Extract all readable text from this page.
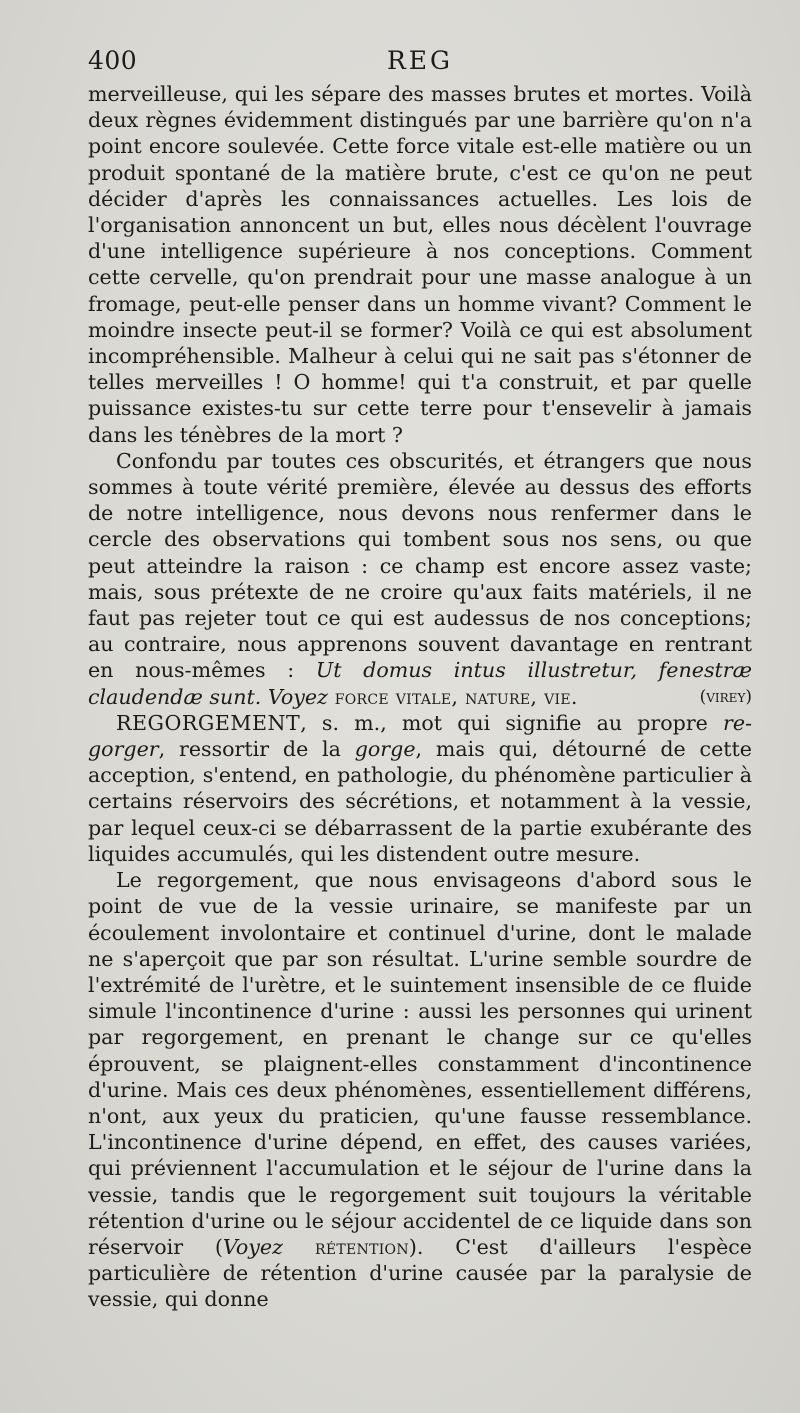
400	REG

merveilleuse, qui les sépare des masses brutes et mortes. Voilà deux règnes évidemment distingués par une barrière qu'on n'a point encore soulevée. Cette force vitale est-elle matière ou un produit spontané de la matière brute, c'est ce qu'on ne peut décider d'après les connaissances actuelles. Les lois de l'organisation annoncent un but, elles nous décèlent l'ouvrage d'une intelligence supérieure à nos conceptions. Comment cette cervelle, qu'on prendrait pour une masse analogue à un fromage, peut-elle penser dans un homme vivant? Comment le moindre insecte peut-il se former? Voilà ce qui est absolument incompréhensible. Malheur à celui qui ne sait pas s'étonner de telles merveilles ! O homme! qui t'a construit, et par quelle puissance existes-tu sur cette terre pour t'ensevelir à jamais dans les ténèbres de la mort ?

Confondu par toutes ces obscurités, et étrangers que nous sommes à toute vérité première, élevée au dessus des efforts de notre intelligence, nous devons nous renfermer dans le cercle des observations qui tombent sous nos sens, ou que peut atteindre la raison : ce champ est encore assez vaste; mais, sous prétexte de ne croire qu'aux faits matériels, il ne faut pas rejeter tout ce qui est audessus de nos conceptions; au contraire, nous apprenons souvent davantage en rentrant en nous-mêmes : Ut domus intus illustretur, fenestræ claudendæ sunt. Voyez force vitale, nature, vie.	(virey)

REGORGEMENT, s. m., mot qui signifie au propre regorger, ressortir de la gorge, mais qui, détourné de cette acception, s'entend, en pathologie, du phénomène particulier à certains réservoirs des sécrétions, et notamment à la vessie, par lequel ceux-ci se débarrassent de la partie exubérante des liquides accumulés, qui les distendent outre mesure.

Le regorgement, que nous envisageons d'abord sous le point de vue de la vessie urinaire, se manifeste par un écoulement involontaire et continuel d'urine, dont le malade ne s'aperçoit que par son résultat. L'urine semble sourdre de l'extrémité de l'urètre, et le suintement insensible de ce fluide simule l'incontinence d'urine : aussi les personnes qui urinent par regorgement, en prenant le change sur ce qu'elles éprouvent, se plaignent-elles constamment d'incontinence d'urine. Mais ces deux phénomènes, essentiellement différens, n'ont, aux yeux du praticien, qu'une fausse ressemblance. L'incontinence d'urine dépend, en effet, des causes variées, qui préviennent l'accumulation et le séjour de l'urine dans la vessie, tandis que le regorgement suit toujours la véritable rétention d'urine ou le séjour accidentel de ce liquide dans son réservoir (Voyez rétention). C'est d'ailleurs l'espèce particulière de rétention d'urine causée par la paralysie de vessie, qui donne
